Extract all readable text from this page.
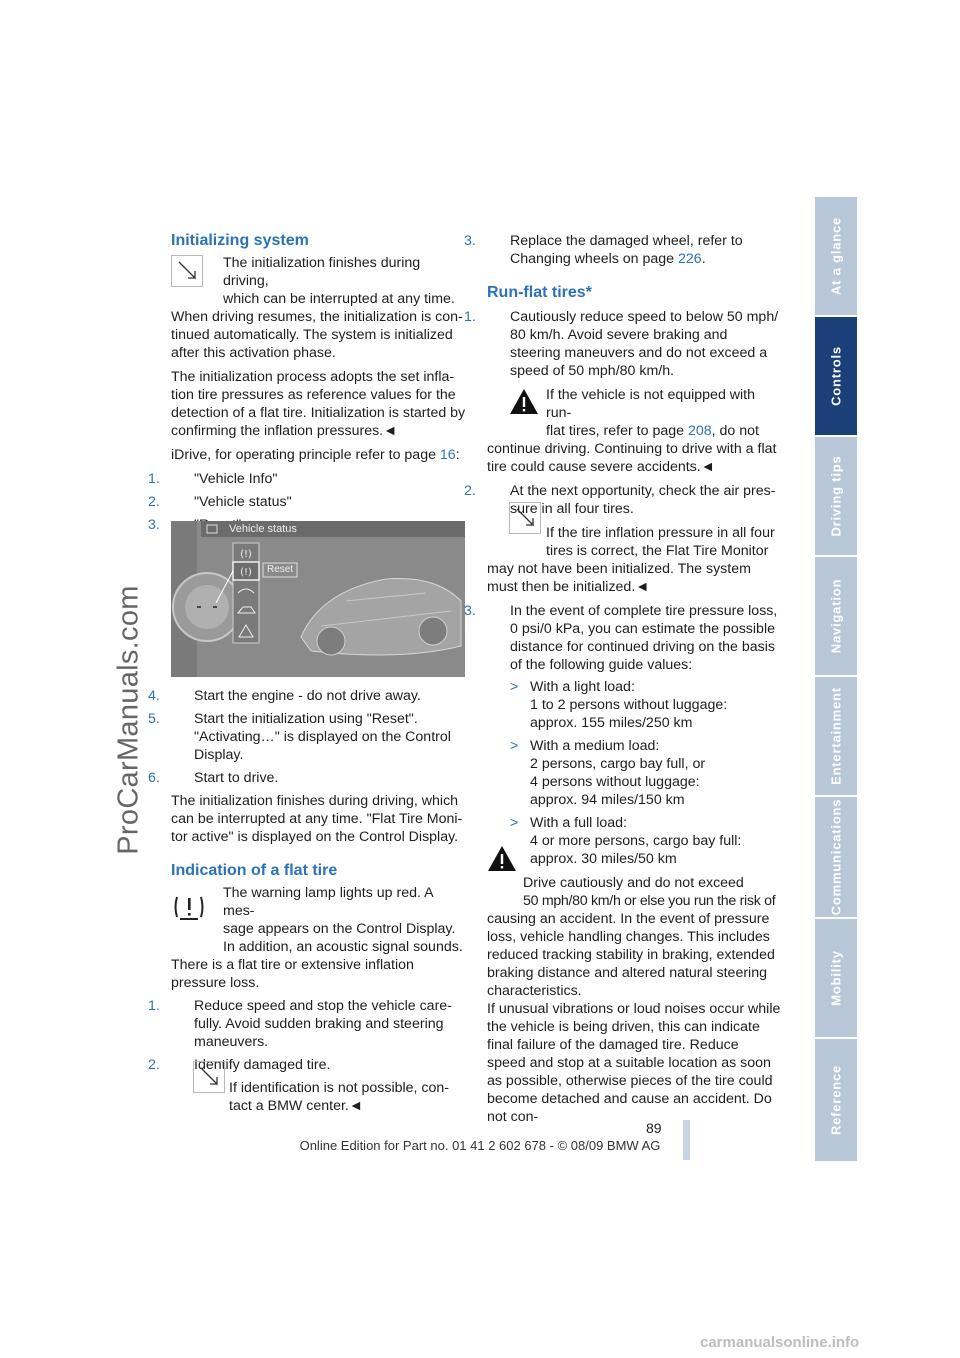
ProCarManuals.com
At a glance
Controls
Driving tips
Navigation
Entertainment
Communications
Mobility
Reference
Initializing system

The initialization finishes during driving,

which can be interrupted at any time.

When driving resumes, the initialization is con-tinued automatically. The system is initialized after this activation phase.

The initialization process adopts the set infla-tion tire pressures as reference values for the detection of a flat tire. Initialization is started by confirming the inflation pressures.◄

iDrive, for operating principle refer to page 16:

1. "Vehicle Info"

2. "Vehicle status"

3.

(!)
(!)
Vehicle status
Reset

4. Start the engine - do not drive away.

5. Start the initialization using "Reset". "Activating…" is displayed on the Control Display.

6. Start to drive.

The initialization finishes during driving, which can be interrupted at any time. "Flat Tire Moni-tor active" is displayed on the Control Display.

Indication of a flat tire

The warning lamp lights up red. A mes-

sage appears on the Control Display.

In addition, an acoustic signal sounds.

There is a flat tire or extensive inflation pressure loss.

1. Reduce speed and stop the vehicle care-fully. Avoid sudden braking and steering maneuvers.

2. Identify damaged tire.

If identification is not possible, con-

tact a BMW center.◄

3. Replace the damaged wheel, refer to Changing wheels on page 226.

Run-flat tires*

1. Cautiously reduce speed to below 50 mph/ 80 km/h. Avoid severe braking and steering maneuvers and do not exceed a speed of 50 mph/80 km/h.

If the vehicle is not equipped with run-

flat tires, refer to page 208, do not

continue driving. Continuing to drive with a flat tire could cause severe accidents.◄

2. At the next opportunity, check the air pres-sure in all four tires.

If the tire inflation pressure in all four

tires is correct, the Flat Tire Monitor

may not have been initialized. The system must then be initialized.◄

3. In the event of complete tire pressure loss, 0 psi/0 kPa, you can estimate the possible distance for continued driving on the basis of the following guide values:

> With a light load:

1 to 2 persons without luggage:

approx. 155 miles/250 km

> With a medium load:

2 persons, cargo bay full, or

4 persons without luggage:

approx. 94 miles/150 km

> With a full load:

4 or more persons, cargo bay full:

approx. 30 miles/50 km

Drive cautiously and do not exceed

50 mph/80 km/h or else you run the risk of

causing an accident. In the event of pressure loss, vehicle handling changes. This includes reduced tracking stability in braking, extended braking distance and altered natural steering characteristics.

If unusual vibrations or loud noises occur while the vehicle is being driven, this can indicate final failure of the damaged tire. Reduce speed and stop at a suitable location as soon as possible, otherwise pieces of the tire could become detached and cause an accident. Do not con-

89
Online Edition for Part no. 01 41 2 602 678 - © 08/09 BMW AG
carmanualsonline.info
